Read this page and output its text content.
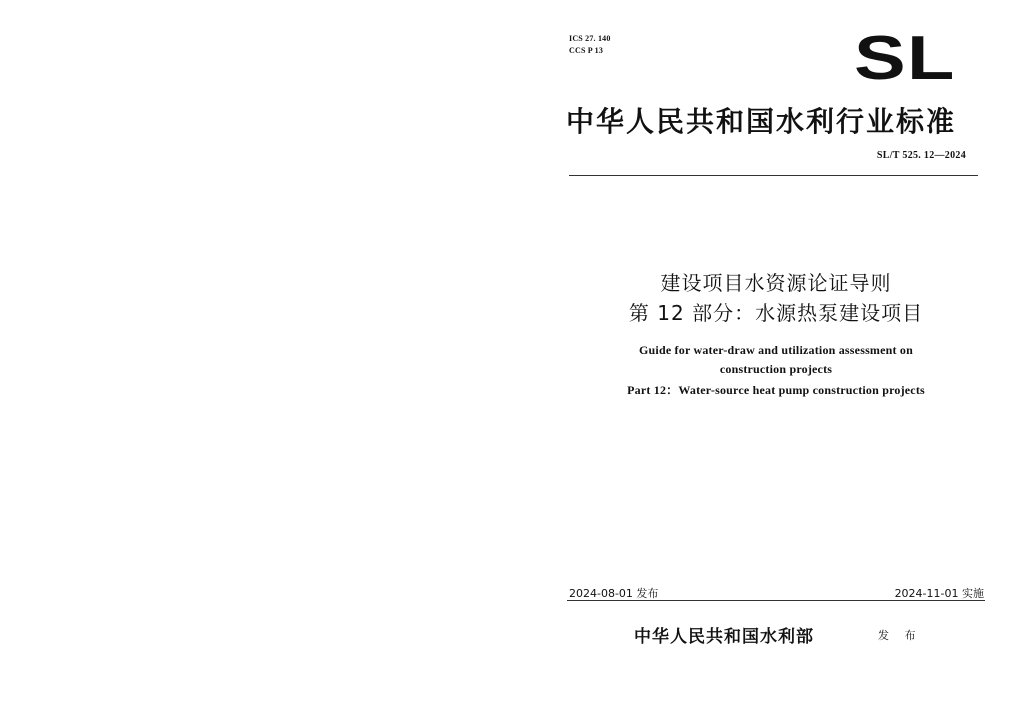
ICS 27. 140
CCS P 13	SL
中华人民共和国水利行业标准
SL/T 525. 12—2024
建设项目水资源论证导则
第 12 部分：水源热泵建设项目
Guide for water-draw and utilization assessment on
construction projects
Part 12：Water-source heat pump construction projects
2024-08-01 发布	2024-11-01 实施
中华人民共和国水利部	发 布
